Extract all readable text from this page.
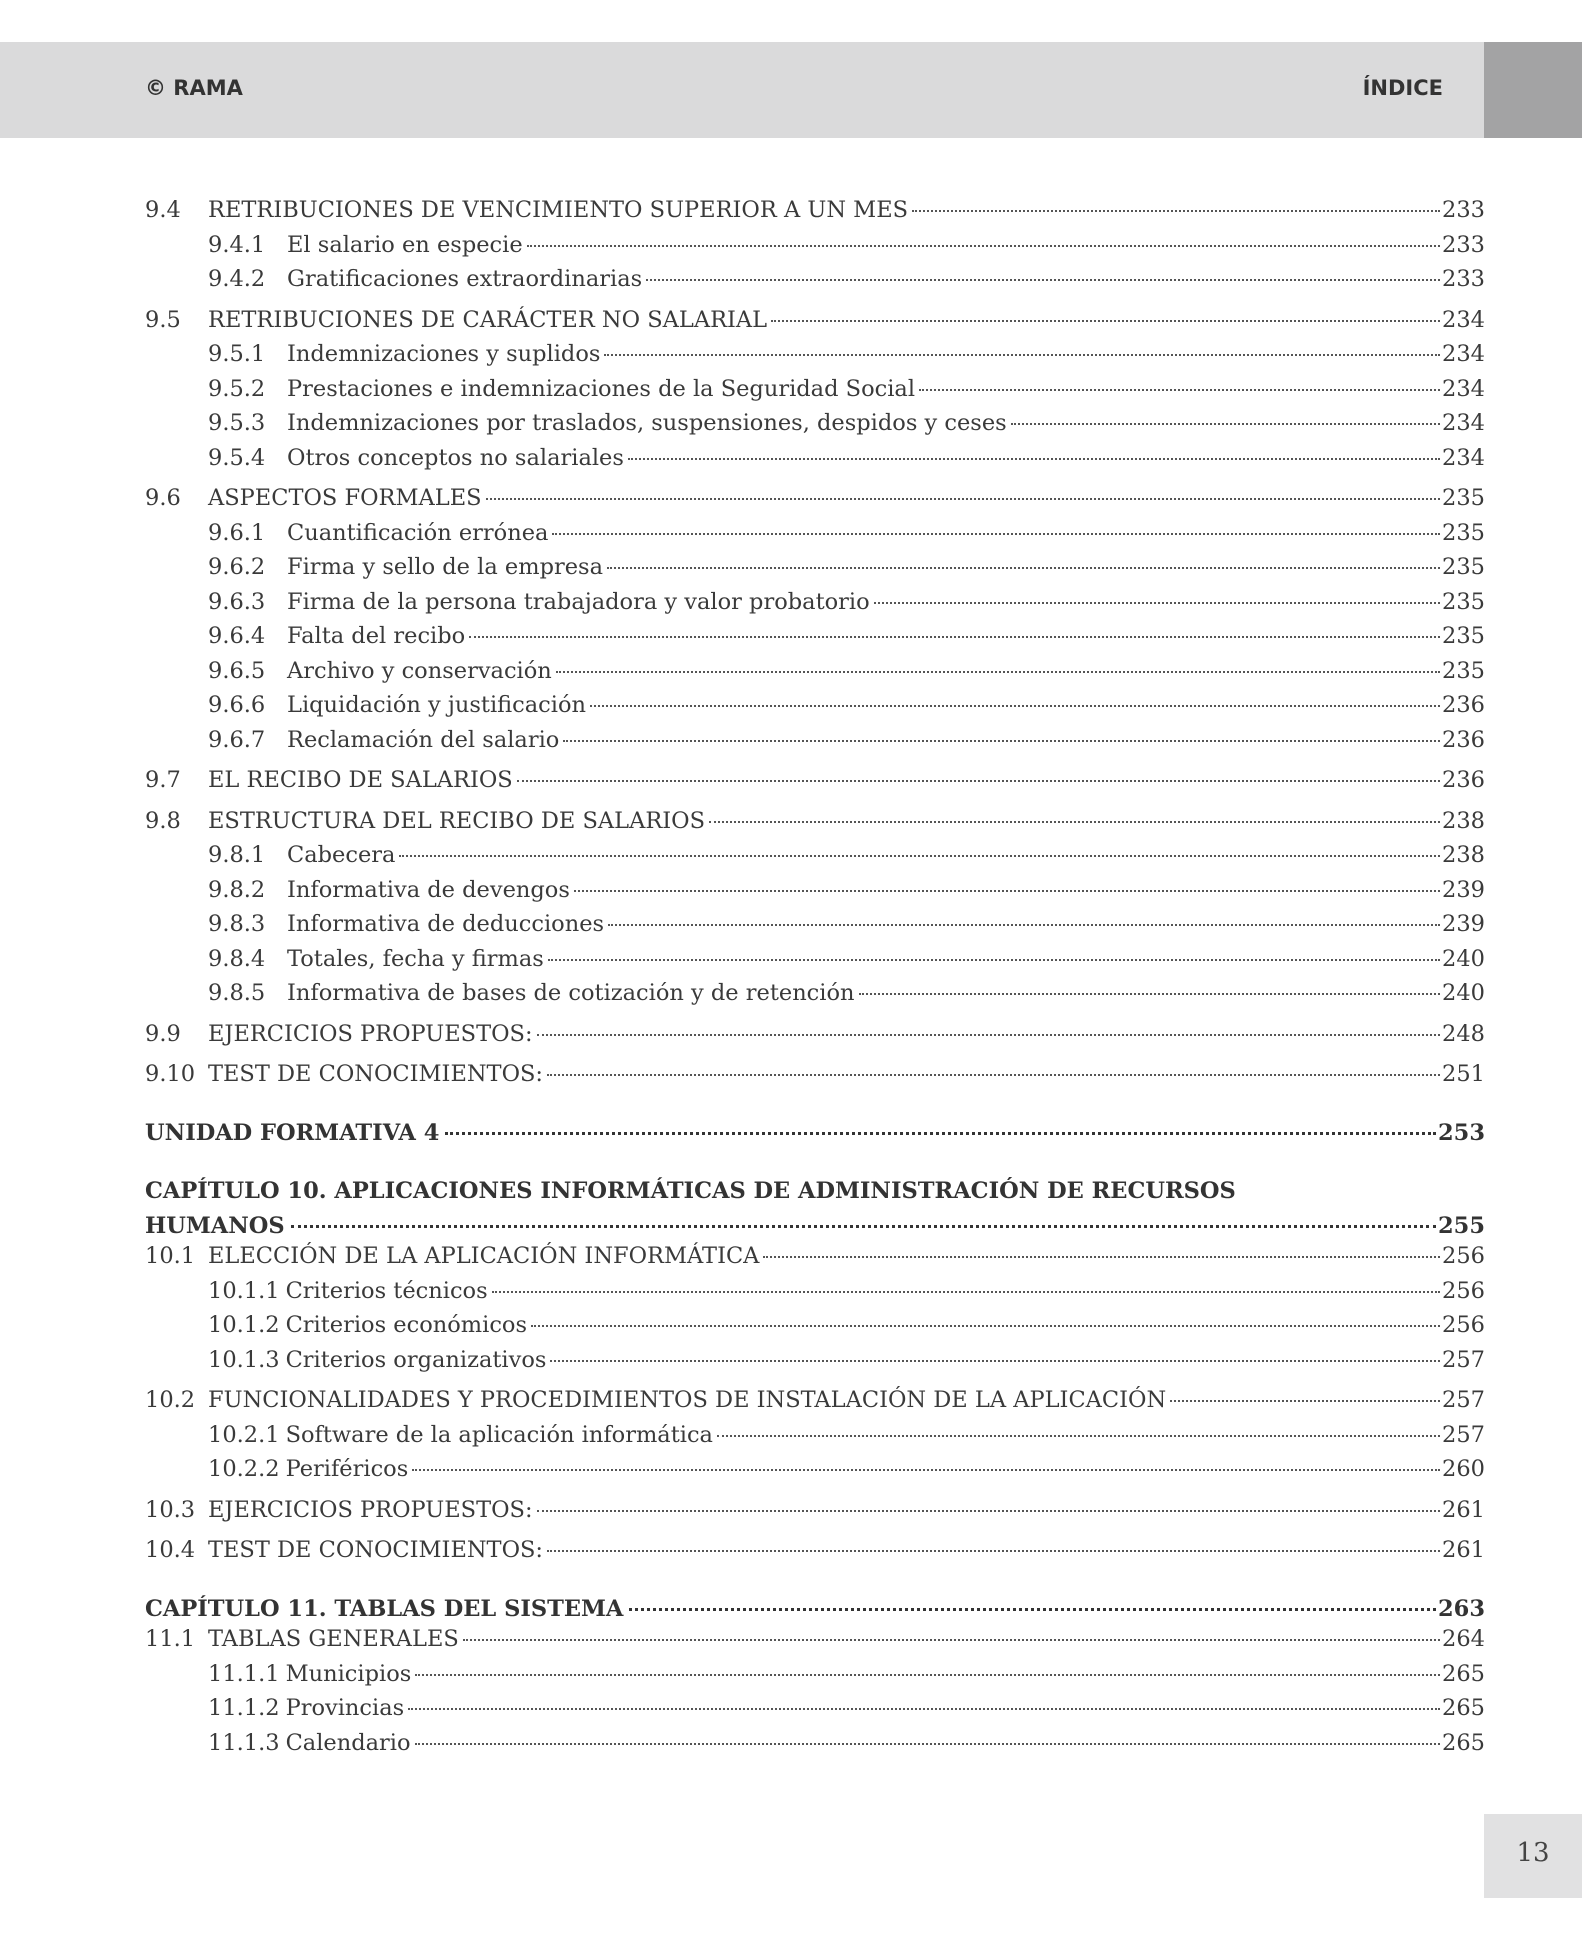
© RAMA	ÍNDICE
9.4	RETRIBUCIONES DE VENCIMIENTO SUPERIOR A UN MES	233
9.4.1 El salario en especie	233
9.4.2 Gratificaciones extraordinarias	233
9.5	RETRIBUCIONES DE CARÁCTER NO SALARIAL	234
9.5.1 Indemnizaciones y suplidos	234
9.5.2 Prestaciones e indemnizaciones de la Seguridad Social	234
9.5.3 Indemnizaciones por traslados, suspensiones, despidos y ceses	234
9.5.4 Otros conceptos no salariales	234
9.6	ASPECTOS FORMALES	235
9.6.1 Cuantificación errónea	235
9.6.2 Firma y sello de la empresa	235
9.6.3 Firma de la persona trabajadora y valor probatorio	235
9.6.4 Falta del recibo	235
9.6.5 Archivo y conservación	235
9.6.6 Liquidación y justificación	236
9.6.7 Reclamación del salario	236
9.7	EL RECIBO DE SALARIOS	236
9.8	ESTRUCTURA DEL RECIBO DE SALARIOS	238
9.8.1 Cabecera	238
9.8.2 Informativa de devengos	239
9.8.3 Informativa de deducciones	239
9.8.4 Totales, fecha y firmas	240
9.8.5 Informativa de bases de cotización y de retención	240
9.9	EJERCICIOS PROPUESTOS:	248
9.10 TEST DE CONOCIMIENTOS:	251
UNIDAD FORMATIVA 4	253
CAPÍTULO 10. APLICACIONES INFORMÁTICAS DE ADMINISTRACIÓN DE RECURSOS
HUMANOS	255
10.1 ELECCIÓN DE LA APLICACIÓN INFORMÁTICA	256
10.1.1 Criterios técnicos	256
10.1.2 Criterios económicos	256
10.1.3 Criterios organizativos	257
10.2 FUNCIONALIDADES Y PROCEDIMIENTOS DE INSTALACIÓN DE LA APLICACIÓN	257
10.2.1 Software de la aplicación informática	257
10.2.2 Periféricos	260
10.3 EJERCICIOS PROPUESTOS:	261
10.4 TEST DE CONOCIMIENTOS:	261
CAPÍTULO 11. TABLAS DEL SISTEMA	263
11.1 TABLAS GENERALES	264
11.1.1 Municipios	265
11.1.2 Provincias	265
11.1.3 Calendario	265
13
